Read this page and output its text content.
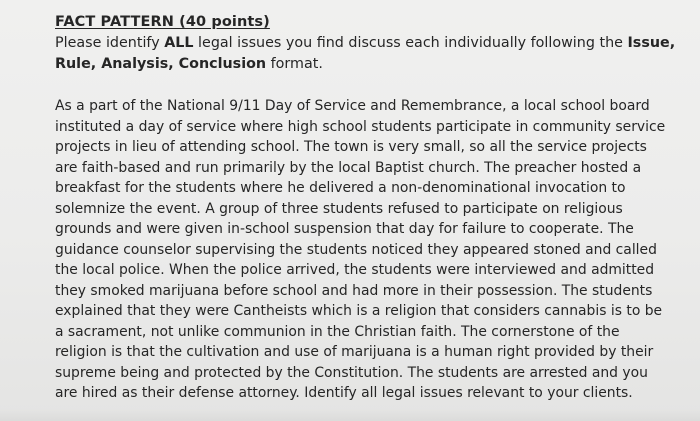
FACT PATTERN (40 points)
Please identify ALL legal issues you find discuss each individually following the Issue,
Rule, Analysis, Conclusion format.
As a part of the National 9/11 Day of Service and Remembrance, a local school board
instituted a day of service where high school students participate in community service
projects in lieu of attending school. The town is very small, so all the service projects
are faith-based and run primarily by the local Baptist church. The preacher hosted a
breakfast for the students where he delivered a non-denominational invocation to
solemnize the event. A group of three students refused to participate on religious
grounds and were given in-school suspension that day for failure to cooperate. The
guidance counselor supervising the students noticed they appeared stoned and called
the local police. When the police arrived, the students were interviewed and admitted
they smoked marijuana before school and had more in their possession. The students
explained that they were Cantheists which is a religion that considers cannabis is to be
a sacrament, not unlike communion in the Christian faith. The cornerstone of the
religion is that the cultivation and use of marijuana is a human right provided by their
supreme being and protected by the Constitution. The students are arrested and you
are hired as their defense attorney. Identify all legal issues relevant to your clients.
